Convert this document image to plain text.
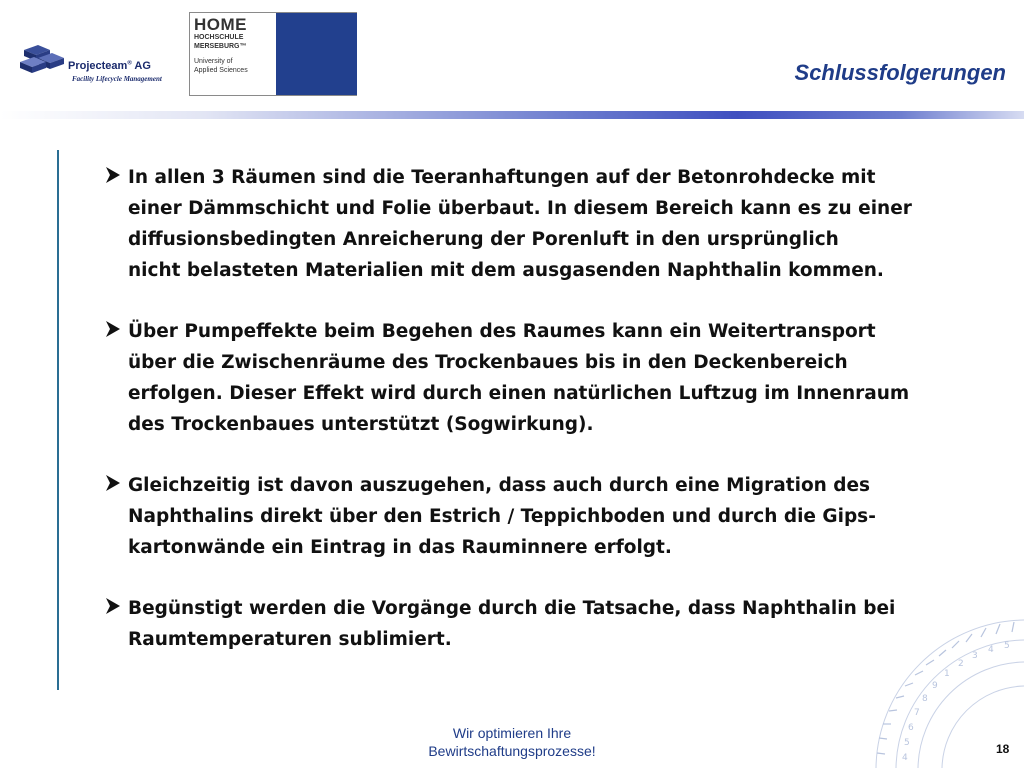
Projecteam® AG
Facility Lifecycle Management
HOME
HOCHSCHULE
MERSEBURG™
University of
Applied Sciences	Schlussfolgerungen
In allen 3 Räumen sind die Teeranhaftungen auf der Betonrohdecke mit
einer Dämmschicht und Folie überbaut. In diesem Bereich kann es zu einer
diffusionsbedingten Anreicherung der Porenluft in den ursprünglich
nicht belasteten Materialien mit dem ausgasenden Naphthalin kommen.
Über Pumpeffekte beim Begehen des Raumes kann ein Weitertransport
über die Zwischenräume des Trockenbaues bis in den Deckenbereich
erfolgen. Dieser Effekt wird durch einen natürlichen Luftzug im Innenraum
des Trockenbaues unterstützt (Sogwirkung).
Gleichzeitig ist davon auszugehen, dass auch durch eine Migration des
Naphthalins direkt über den Estrich / Teppichboden und durch die Gips-
kartonwände ein Eintrag in das Rauminnere erfolgt.
Begünstigt werden die Vorgänge durch die Tatsache, dass Naphthalin bei
Raumtemperaturen sublimiert.	5
4
3
2
1
9
8
7
6
5
4
Wir optimieren Ihre
Bewirtschaftungsprozesse!	18
